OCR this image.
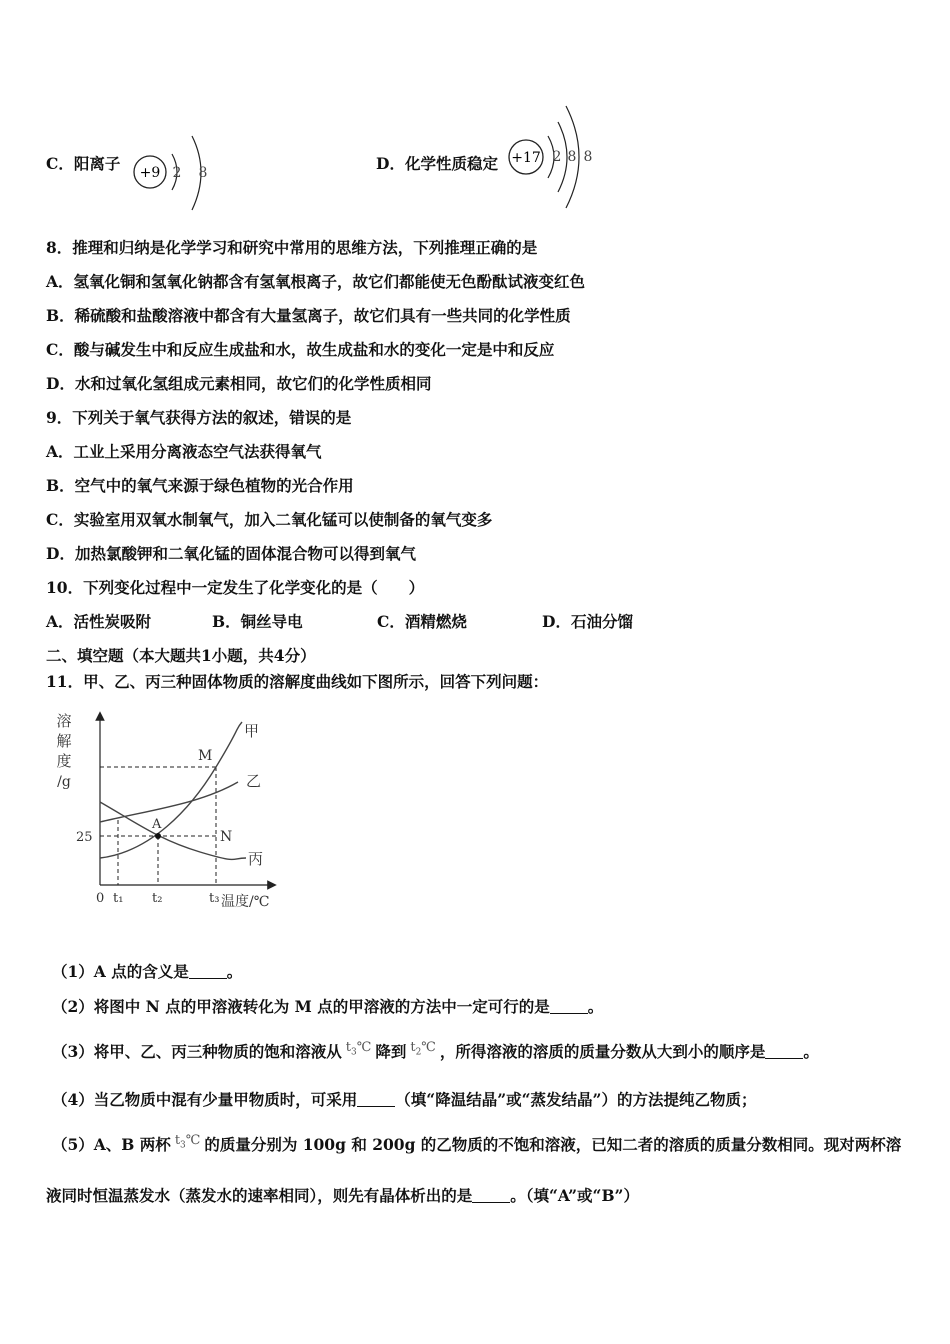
C．阳离子 +9 2 8	D．化学性质稳定 +17 2 8 8
8．推理和归纳是化学学习和研究中常用的思维方法，下列推理正确的是
A．氢氧化铜和氢氧化钠都含有氢氧根离子，故它们都能使无色酚酞试液变红色
B．稀硫酸和盐酸溶液中都含有大量氢离子，故它们具有一些共同的化学性质
C．酸与碱发生中和反应生成盐和水，故生成盐和水的变化一定是中和反应
D．水和过氧化氢组成元素相同，故它们的化学性质相同
9．下列关于氧气获得方法的叙述，错误的是
A．工业上采用分离液态空气法获得氧气
B．空气中的氧气来源于绿色植物的光合作用
C．实验室用双氧水制氧气，加入二氧化锰可以使制备的氧气变多
D．加热氯酸钾和二氧化锰的固体混合物可以得到氧气
10．下列变化过程中一定发生了化学变化的是（　　）
A．活性炭吸附	B．铜丝导电	C．酒精燃烧	D．石油分馏
二、填空题（本大题共1小题，共4分）
11．甲、乙、丙三种固体物质的溶解度曲线如下图所示，回答下列问题：
溶
解
度
/g
A
M
N
甲
乙
丙
25
0 t₁ t₂	t₃ 温度/℃
（1）A 点的含义是 。
（2）将图中 N 点的甲溶液转化为 M 点的甲溶液的方法中一定可行的是 。
（3）将甲、乙、丙三种物质的饱和溶液从 $t_3℃$ 降到 $t_2℃$ ，所得溶液的溶质的质量分数从大到小的顺序是 。
（4）当乙物质中混有少量甲物质时，可采用 （填“降温结晶”或“蒸发结晶”）的方法提纯乙物质；
（5）A、B 两杯 $t_3℃$ 的质量分别为 100g 和 200g 的乙物质的不饱和溶液，已知二者的溶质的质量分数相同。现对两杯溶
液同时恒温蒸发水（蒸发水的速率相同），则先有晶体析出的是 。（填“A”或“B”）
